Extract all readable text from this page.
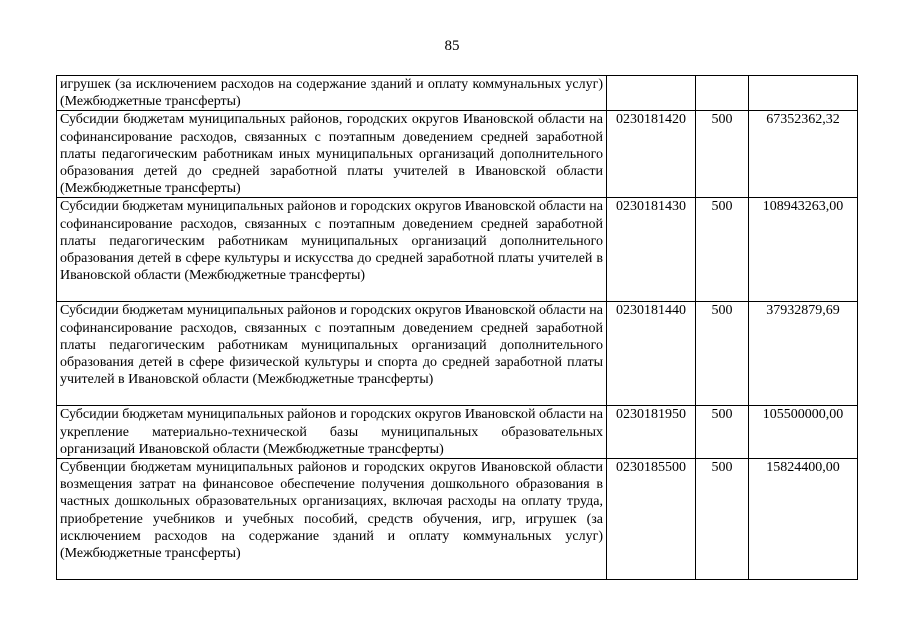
85
игрушек (за исключением расходов на содержание зданий и оплату коммунальных услуг) (Межбюджетные трансферты)			
Субсидии бюджетам муниципальных районов, городских округов Ивановской области на софинансирование расходов, связанных с поэтапным доведением средней заработной платы педагогическим работникам иных муниципальных организаций дополнительного образования детей до средней заработной платы учителей в Ивановской области (Межбюджетные трансферты)	0230181420	500	67352362,32
Субсидии бюджетам муниципальных районов и городских округов Ивановской области на софинансирование расходов, связанных с поэтапным доведением средней заработной платы педагогическим работникам муниципальных организаций дополнительного образования детей в сфере культуры и искусства до средней заработной платы учителей в Ивановской области (Межбюджетные трансферты)	0230181430	500	108943263,00
Субсидии бюджетам муниципальных районов и городских округов Ивановской области на софинансирование расходов, связанных с поэтапным доведением средней заработной платы педагогическим работникам муниципальных организаций дополнительного образования детей в сфере физической культуры и спорта до средней заработной платы учителей в Ивановской области (Межбюджетные трансферты)	0230181440	500	37932879,69
Субсидии бюджетам муниципальных районов и городских округов Ивановской области на укрепление материально-технической базы муниципальных образовательных организаций Ивановской области (Межбюджетные трансферты)	0230181950	500	105500000,00
Субвенции бюджетам муниципальных районов и городских округов Ивановской области возмещения затрат на финансовое обеспечение получения дошкольного образования в частных дошкольных образовательных организациях, включая расходы на оплату труда, приобретение учебников и учебных пособий, средств обучения, игр, игрушек (за исключением расходов на содержание зданий и оплату коммунальных услуг) (Межбюджетные трансферты)	0230185500	500	15824400,00
